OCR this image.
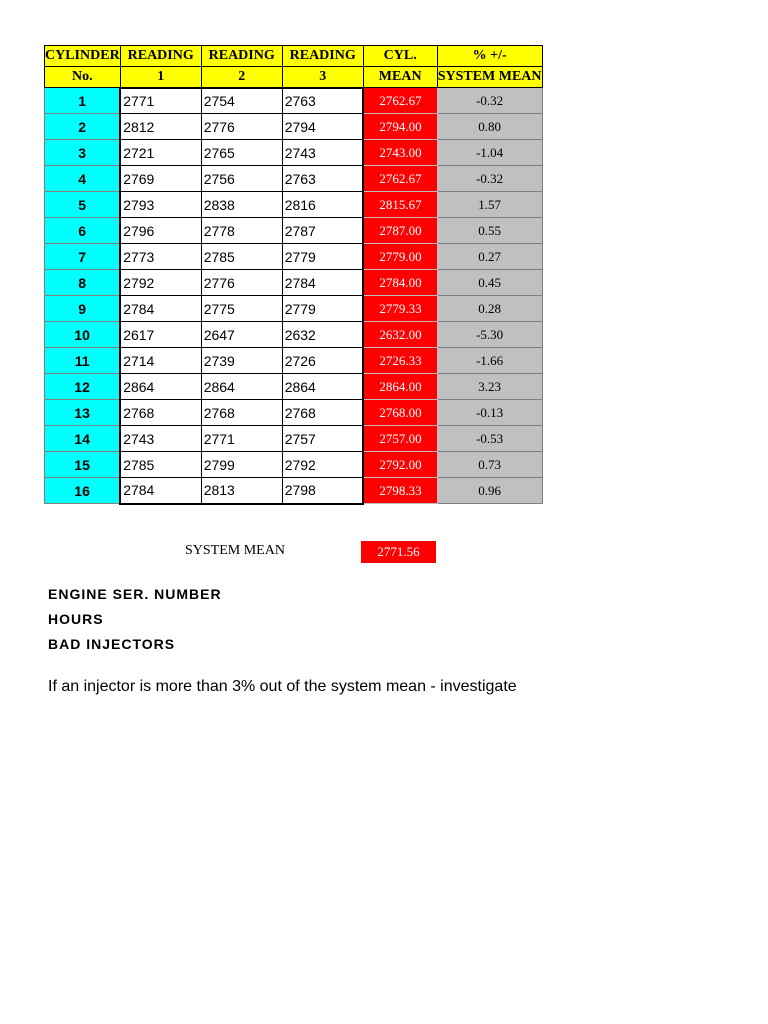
CYLINDER	READING	READING	READING	CYL.	% +/-
No.	1	2	3	MEAN	SYSTEM MEAN
1	2771	2754	2763	2762.67	-0.32
2	2812	2776	2794	2794.00	0.80
3	2721	2765	2743	2743.00	-1.04
4	2769	2756	2763	2762.67	-0.32
5	2793	2838	2816	2815.67	1.57
6	2796	2778	2787	2787.00	0.55
7	2773	2785	2779	2779.00	0.27
8	2792	2776	2784	2784.00	0.45
9	2784	2775	2779	2779.33	0.28
10	2617	2647	2632	2632.00	-5.30
11	2714	2739	2726	2726.33	-1.66
12	2864	2864	2864	2864.00	3.23
13	2768	2768	2768	2768.00	-0.13
14	2743	2771	2757	2757.00	-0.53
15	2785	2799	2792	2792.00	0.73
16	2784	2813	2798	2798.33	0.96
SYSTEM MEAN	2771.56
ENGINE SER. NUMBER
HOURS
BAD INJECTORS
If an injector is more than 3% out of the system mean - investigate
